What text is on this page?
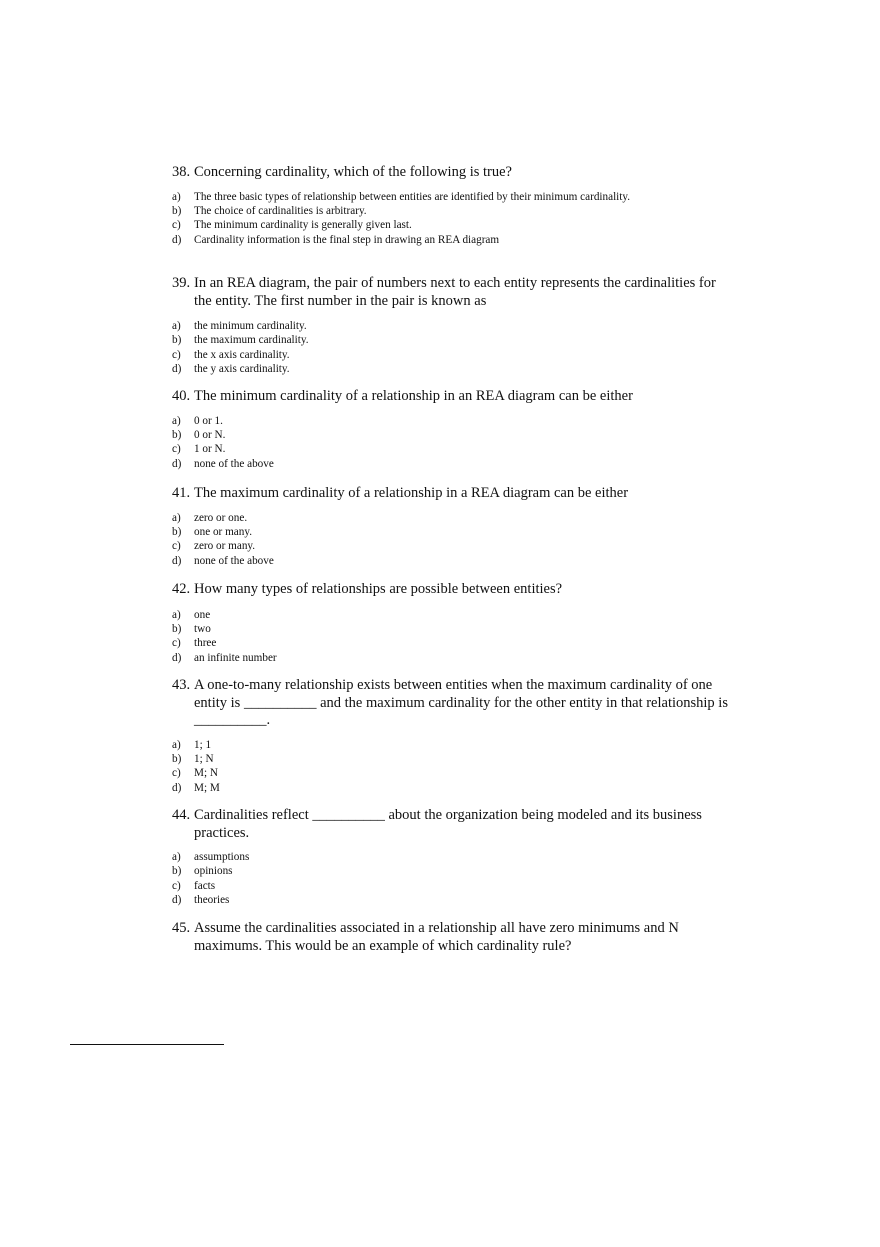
38. Concerning cardinality, which of the following is true?
a)	The three basic types of relationship between entities are identified by their minimum cardinality.
b)	The choice of cardinalities is arbitrary.
c)	The minimum cardinality is generally given last.
d)	Cardinality information is the final step in drawing an REA diagram
39. In an REA diagram, the pair of numbers next to each entity represents the cardinalities for the entity. The first number in the pair is known as
a)	the minimum cardinality.
b)	the maximum cardinality.
c)	the x axis cardinality.
d)	the y axis cardinality.
40. The minimum cardinality of a relationship in an REA diagram can be either
a)	0 or 1.
b)	0 or N.
c)	1 or N.
d)	none of the above
41. The maximum cardinality of a relationship in a REA diagram can be either
a)	zero or one.
b)	one or many.
c)	zero or many.
d)	none of the above
42. How many types of relationships are possible between entities?
a)	one
b)	two
c)	three
d)	an infinite number
43. A one-to-many relationship exists between entities when the maximum cardinality of one entity is __________ and the maximum cardinality for the other entity in that relationship is __________.
a)	1; 1
b)	1; N
c)	M; N
d)	M; M
44. Cardinalities reflect __________ about the organization being modeled and its business practices.
a)	assumptions
b)	opinions
c)	facts
d)	theories
45. Assume the cardinalities associated in a relationship all have zero minimums and N maximums. This would be an example of which cardinality rule?
